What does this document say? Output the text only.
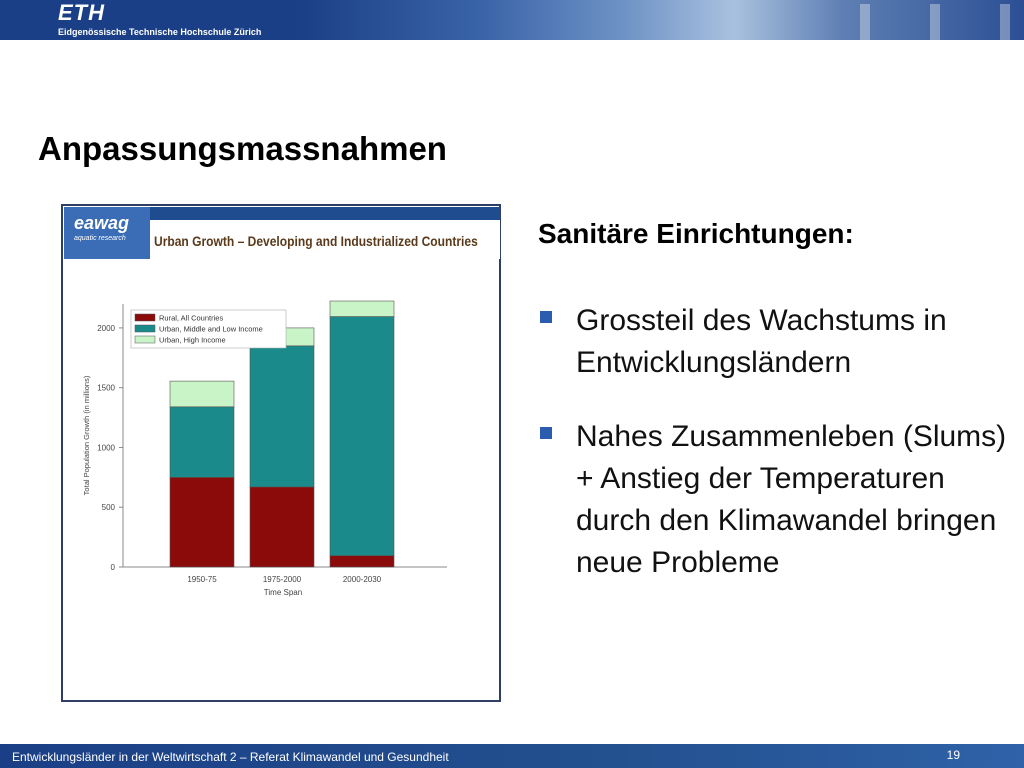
ETH
Eidgenössische Technische Hochschule Zürich
Anpassungsmassnahmen
eawag
aquatic research Urban Growth – Developing and Industrialized Countries
0
500
1000
1500
2000
Total Population Growth (in millions)
1950-75	1975-2000	2000-2030
Time Span
Rural, All Countries
Urban, Middle and Low Income
Urban, High Income
Sanitäre Einrichtungen:
Grossteil des Wachstums in Entwicklungsländern
Nahes Zusammenleben (Slums) + Anstieg der Temperaturen durch den Klimawandel bringen neue Probleme
Entwicklungsländer in der Weltwirtschaft 2 – Referat Klimawandel und Gesundheit	19
